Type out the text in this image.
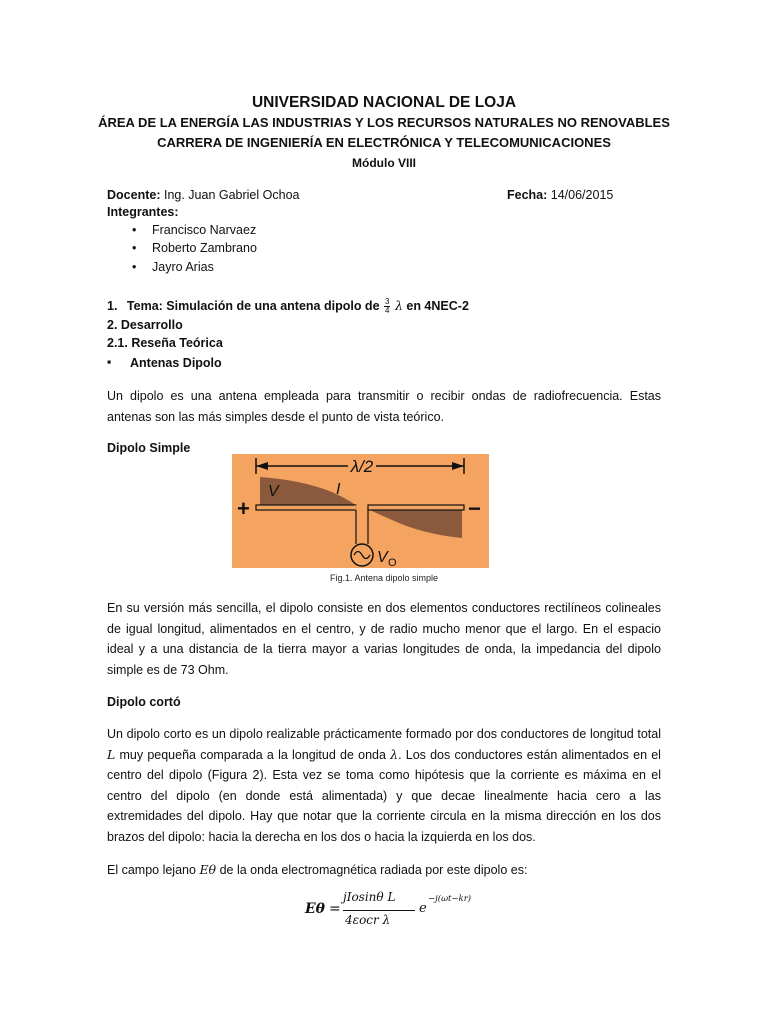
UNIVERSIDAD NACIONAL DE LOJA
ÁREA DE LA ENERGÍA LAS INDUSTRIAS Y LOS RECURSOS NATURALES NO RENOVABLES
CARRERA DE INGENIERÍA EN ELECTRÓNICA Y TELECOMUNICACIONES
Módulo VIII
Docente: Ing. Juan Gabriel Ochoa	Fecha: 14/06/2015
Integrantes:
• Francisco Narvaez
• Roberto Zambrano
• Jayro Arias
1. Tema: Simulación de una antena dipolo de $\frac{3}{4}$ λ en 4NEC-2
2. Desarrollo
2.1. Reseña Teórica
▪ Antenas Dipolo
Un dipolo es una antena empleada para transmitir o recibir ondas de radiofrecuencia. Estas antenas son las más simples desde el punto de vista teórico.
Dipolo Simple
λ/2
V	I
+	−
V O
Fig.1. Antena dipolo simple
En su versión más sencilla, el dipolo consiste en dos elementos conductores rectilíneos colineales de igual longitud, alimentados en el centro, y de radio mucho menor que el largo. En el espacio ideal y a una distancia de la tierra mayor a varias longitudes de onda, la impedancia del dipolo simple es de 73 Ohm.
Dipolo cortó
Un dipolo corto es un dipolo realizable prácticamente formado por dos conductores de longitud total L muy pequeña comparada a la longitud de onda λ. Los dos conductores están alimentados en el centro del dipolo (Figura 2). Esta vez se toma como hipótesis que la corriente es máxima en el centro del dipolo (en donde está alimentada) y que decae linealmente hacia cero a las extremidades del dipolo. Hay que notar que la corriente circula en la misma dirección en los dos brazos del dipolo: hacia la derecha en los dos o hacia la izquierda en los dos.
El campo lejano Eθ de la onda electromagnética radiada por este dipolo es:
Eθ =
jIosinθ L
4εocr λ
e
−j(ωt−kr)
